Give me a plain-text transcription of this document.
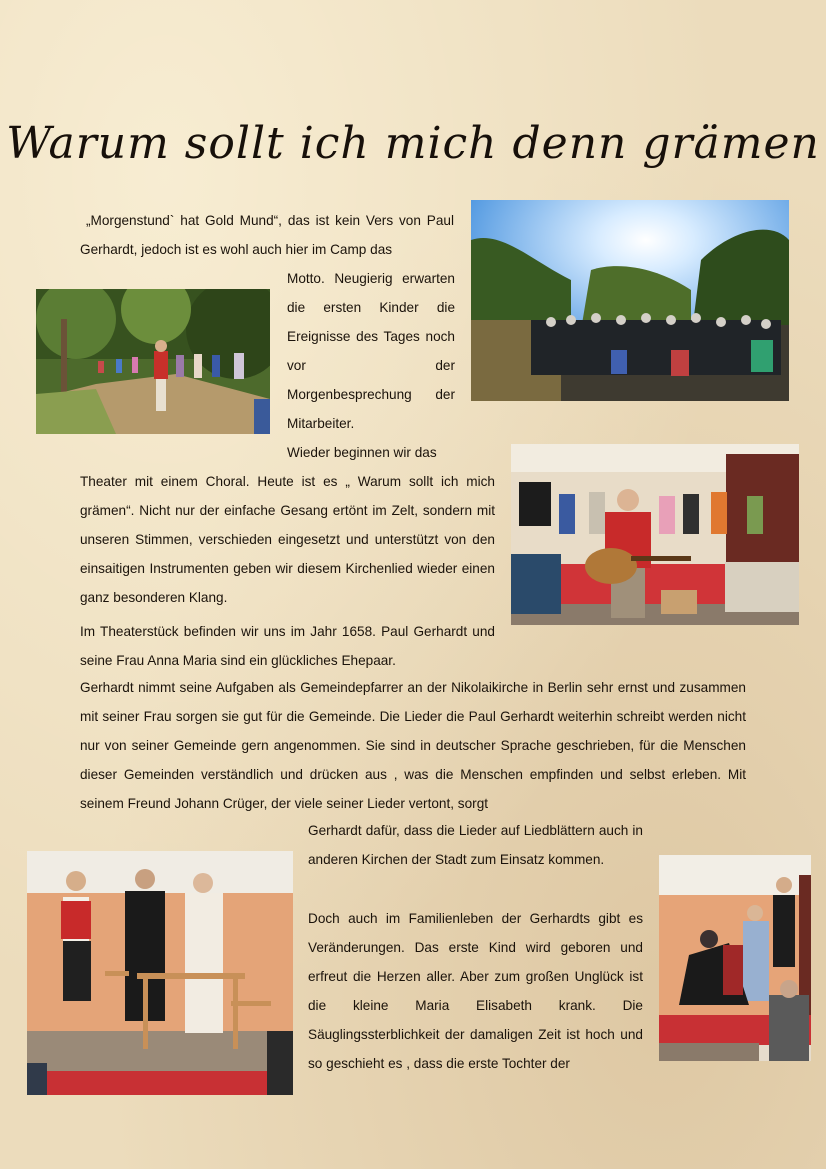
Warum sollt ich mich denn grämen

„Morgenstund` hat Gold Mund“, das ist kein Vers von Paul Gerhardt, jedoch ist es wohl auch hier im Camp das

Motto. Neugierig erwarten die ersten Kinder die Ereignisse des Tages noch vor der Morgenbesprechung der Mitarbeiter.

Wieder beginnen wir das

Theater mit einem Choral. Heute ist es „ Warum sollt ich mich grämen“. Nicht nur der einfache Gesang ertönt im Zelt, sondern mit unseren Stimmen, verschieden eingesetzt und unterstützt von den einsaitigen Instrumenten geben wir diesem Kirchenlied wieder einen ganz besonderen Klang.

Im Theaterstück befinden wir uns im Jahr 1658. Paul Gerhardt und seine Frau Anna Maria sind ein glückliches Ehepaar.

Gerhardt nimmt seine Aufgaben als Gemeindepfarrer an der Nikolaikirche in Berlin sehr ernst und zusammen mit seiner Frau sorgen sie gut für die Gemeinde. Die Lieder die Paul Gerhardt weiterhin schreibt werden nicht nur von seiner Gemeinde gern angenommen. Sie sind in deutscher Sprache geschrieben, für die Menschen dieser Gemeinden verständlich und drücken aus , was die Menschen empfinden und selbst erleben. Mit seinem Freund Johann Crüger, der viele seiner Lieder vertont, sorgt

Gerhardt dafür, dass die Lieder auf Liedblättern auch in anderen Kirchen der Stadt zum Einsatz kommen.

Doch auch im Familienleben der Gerhardts gibt es Veränderungen. Das erste Kind wird geboren und erfreut die Herzen aller. Aber zum großen Unglück ist die kleine Maria Elisabeth krank. Die Säuglingssterblichkeit der damaligen Zeit ist hoch und so geschieht es , dass die erste Tochter der
